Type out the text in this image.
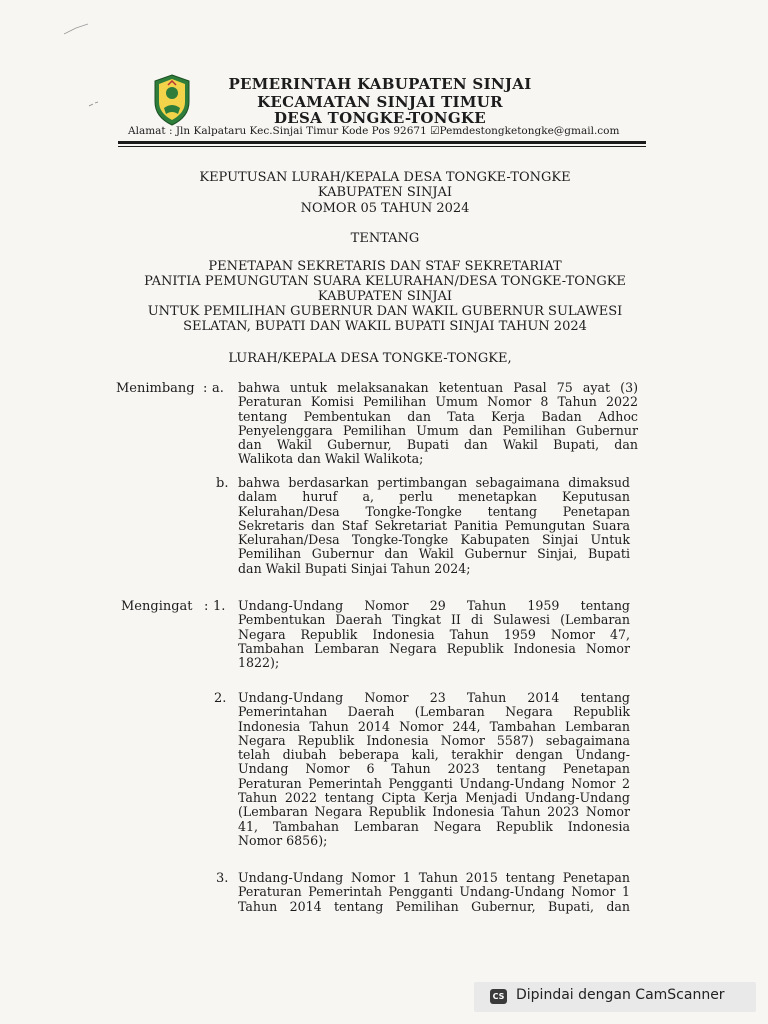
PEMERINTAH KABUPATEN SINJAI
KECAMATAN SINJAI TIMUR
DESA TONGKE-TONGKE
Alamat : Jln Kalpataru Kec.Sinjai Timur Kode Pos 92671 ☑Pemdestongketongke@gmail.com
KEPUTUSAN LURAH/KEPALA DESA TONGKE-TONGKE
KABUPATEN SINJAI
NOMOR 05 TAHUN 2024
TENTANG
PENETAPAN SEKRETARIS DAN STAF SEKRETARIAT
PANITIA PEMUNGUTAN SUARA KELURAHAN/DESA TONGKE-TONGKE
KABUPATEN SINJAI
UNTUK PEMILIHAN GUBERNUR DAN WAKIL GUBERNUR SULAWESI
SELATAN, BUPATI DAN WAKIL BUPATI SINJAI TAHUN 2024
LURAH/KEPALA DESA TONGKE-TONGKE,
Menimbang : a. bahwa untuk melaksanakan ketentuan Pasal 75 ayat (3)
Peraturan Komisi Pemilihan Umum Nomor 8 Tahun 2022
tentang Pembentukan dan Tata Kerja Badan Adhoc
Penyelenggara Pemilihan Umum dan Pemilihan Gubernur
dan Wakil Gubernur, Bupati dan Wakil Bupati, dan
Walikota dan Wakil Walikota;
b. bahwa berdasarkan pertimbangan sebagaimana dimaksud
dalam huruf a, perlu menetapkan Keputusan
Kelurahan/Desa Tongke-Tongke tentang Penetapan
Sekretaris dan Staf Sekretariat Panitia Pemungutan Suara
Kelurahan/Desa Tongke-Tongke Kabupaten Sinjai Untuk
Pemilihan Gubernur dan Wakil Gubernur Sinjai, Bupati
dan Wakil Bupati Sinjai Tahun 2024;
Mengingat : 1. Undang-Undang Nomor 29 Tahun 1959 tentang
Pembentukan Daerah Tingkat II di Sulawesi (Lembaran
Negara Republik Indonesia Tahun 1959 Nomor 47,
Tambahan Lembaran Negara Republik Indonesia Nomor
1822);
2. Undang-Undang Nomor 23 Tahun 2014 tentang
Pemerintahan Daerah (Lembaran Negara Republik
Indonesia Tahun 2014 Nomor 244, Tambahan Lembaran
Negara Republik Indonesia Nomor 5587) sebagaimana
telah diubah beberapa kali, terakhir dengan Undang-
Undang Nomor 6 Tahun 2023 tentang Penetapan
Peraturan Pemerintah Pengganti Undang-Undang Nomor 2
Tahun 2022 tentang Cipta Kerja Menjadi Undang-Undang
(Lembaran Negara Republik Indonesia Tahun 2023 Nomor
41, Tambahan Lembaran Negara Republik Indonesia
Nomor 6856);
3. Undang-Undang Nomor 1 Tahun 2015 tentang Penetapan
Peraturan Pemerintah Pengganti Undang-Undang Nomor 1
Tahun 2014 tentang Pemilihan Gubernur, Bupati, dan
CS Dipindai dengan CamScanner
